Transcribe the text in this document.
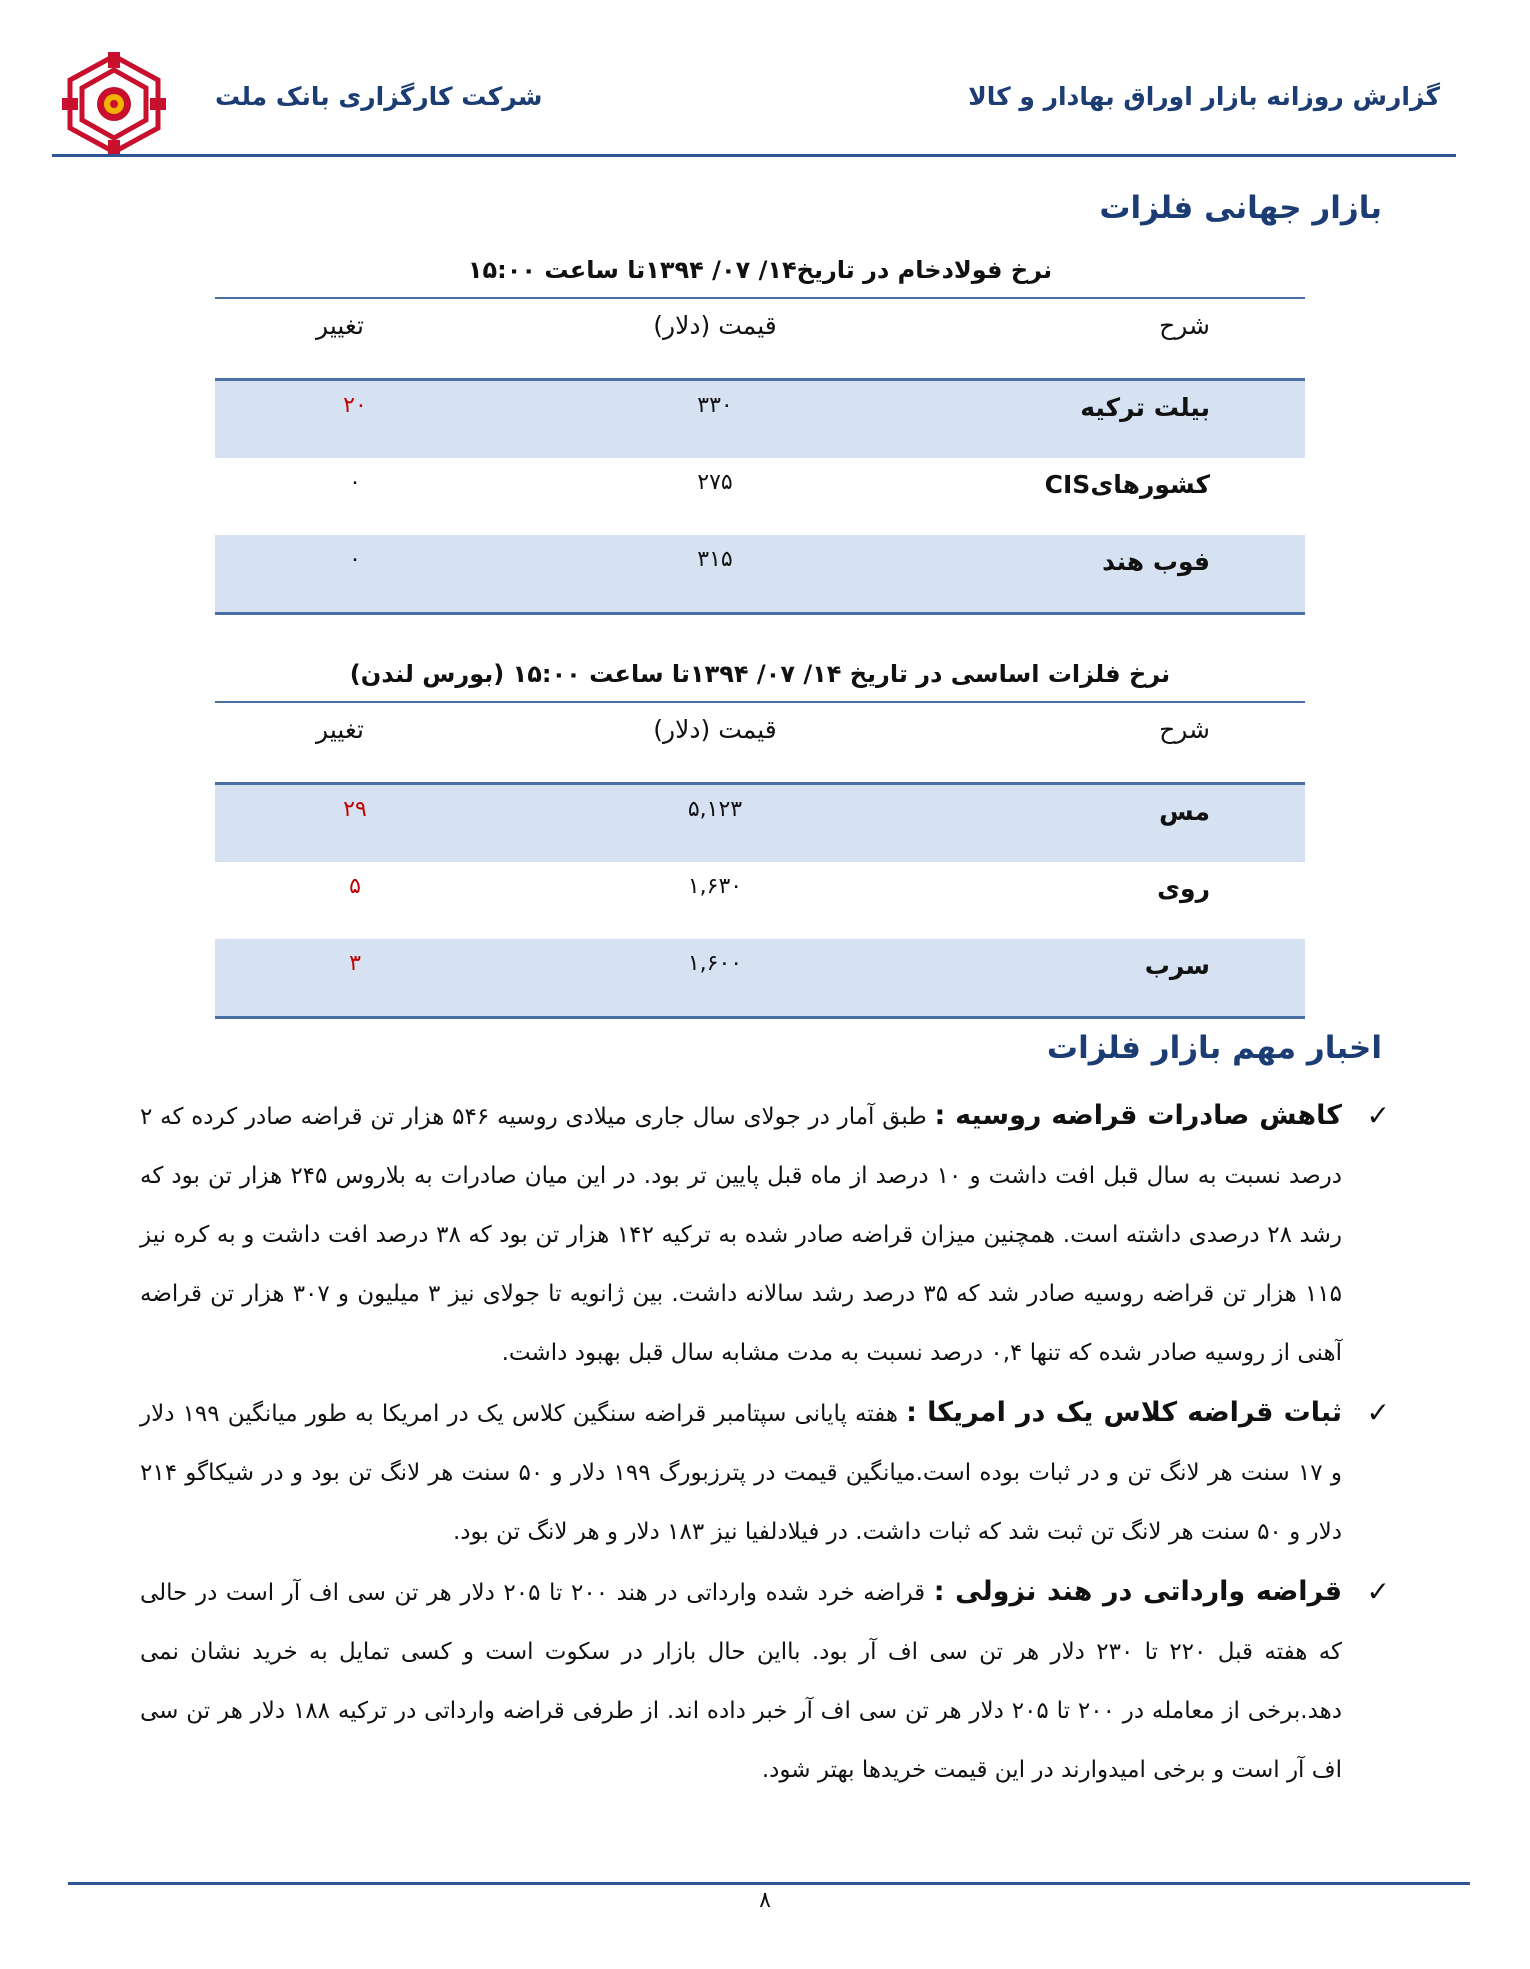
شرکت کارگزاری بانک ملت	گزارش روزانه بازار اوراق بهادار و کالا
بازار جهانی فلزات
نرخ فولادخام در تاریخ۱۴/ ۰۷/ ۱۳۹۴تا ساعت ۱۵:۰۰
شرح
قیمت (دلار)
تغییر
بیلت ترکیه
۳۳۰
۲۰
کشورهایCIS
۲۷۵
۰
فوب هند
۳۱۵
۰
نرخ فلزات اساسی در تاریخ ۱۴/ ۰۷/ ۱۳۹۴تا ساعت ۱۵:۰۰ (بورس لندن)
شرح
قیمت (دلار)
تغییر
مس
۵,۱۲۳
۲۹
روی
۱,۶۳۰
۵
سرب
۱,۶۰۰
۳
اخبار مهم بازار فلزات
✓
کاهش صادرات قراضه روسیه : طبق آمار در جولای سال جاری میلادی روسیه ۵۴۶ هزار تن قراضه صادر کرده که ۲ درصد نسبت به سال قبل افت داشت و ۱۰ درصد از ماه قبل پایین تر بود. در این میان صادرات به بلاروس ۲۴۵ هزار تن بود که رشد ۲۸ درصدی داشته است. همچنین میزان قراضه صادر شده به ترکیه ۱۴۲ هزار تن بود که ۳۸ درصد افت داشت و به کره نیز ۱۱۵ هزار تن قراضه روسیه صادر شد که ۳۵ درصد رشد سالانه داشت. بین ژانویه تا جولای نیز ۳ میلیون و ۳۰۷ هزار تن قراضه آهنی از روسیه صادر شده که تنها ۰,۴ درصد نسبت به مدت مشابه سال قبل بهبود داشت.
✓
ثبات قراضه کلاس یک در امریکا : هفته پایانی سپتامبر قراضه سنگین کلاس یک در امریکا به طور میانگین ۱۹۹ دلار و ۱۷ سنت هر لانگ تن و در ثبات بوده است.میانگین قیمت در پترزبورگ ۱۹۹ دلار و ۵۰ سنت هر لانگ تن بود و در شیکاگو ۲۱۴ دلار و ۵۰ سنت هر لانگ تن ثبت شد که ثبات داشت. در فیلادلفیا نیز ۱۸۳ دلار و هر لانگ تن بود.
✓
قراضه وارداتی در هند نزولی : قراضه خرد شده وارداتی در هند ۲۰۰ تا ۲۰۵ دلار هر تن سی اف آر است در حالی که هفته قبل ۲۲۰ تا ۲۳۰ دلار هر تن سی اف آر بود. بااین حال بازار در سکوت است و کسی تمایل به خرید نشان نمی دهد.برخی از معامله در ۲۰۰ تا ۲۰۵ دلار هر تن سی اف آر خبر داده اند. از طرفی قراضه وارداتی در ترکیه ۱۸۸ دلار هر تن سی اف آر است و برخی امیدوارند در این قیمت خریدها بهتر شود.
۸
